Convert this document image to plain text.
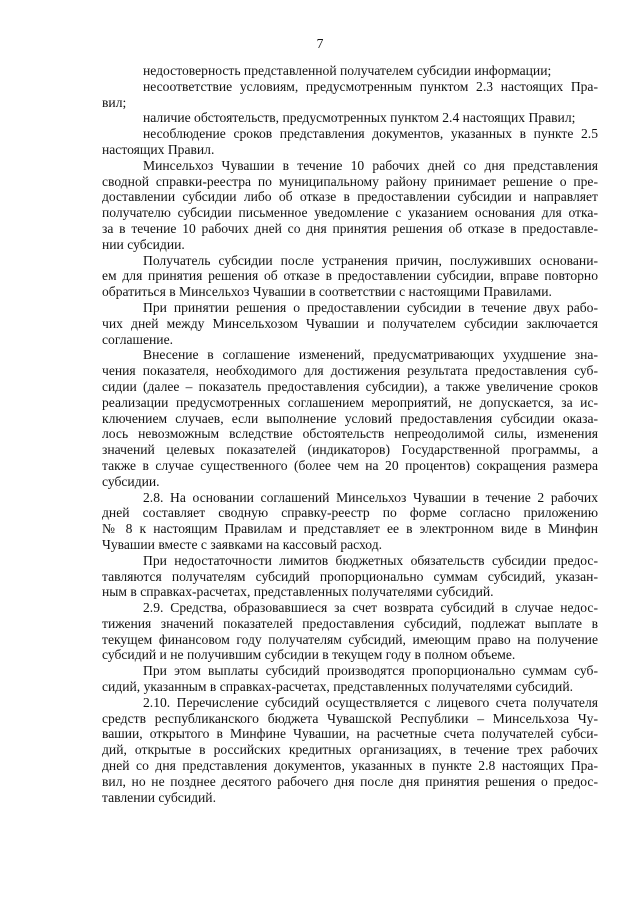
7

недостоверность представленной получателем субсидии информации;

несоответствие условиям, предусмотренным пунктом 2.3 настоящих Пра-
вил;

наличие обстоятельств, предусмотренных пунктом 2.4 настоящих Правил;

несоблюдение сроков представления документов, указанных в пункте 2.5
настоящих Правил.

Минсельхоз Чувашии в течение 10 рабочих дней со дня представления
сводной справки-реестра по муниципальному району принимает решение о пре-
доставлении субсидии либо об отказе в предоставлении субсидии и направляет
получателю субсидии письменное уведомление с указанием основания для отка-
за в течение 10 рабочих дней со дня принятия решения об отказе в предоставле-
нии субсидии.

Получатель субсидии после устранения причин, послуживших основани-
ем для принятия решения об отказе в предоставлении субсидии, вправе повторно
обратиться в Минсельхоз Чувашии в соответствии с настоящими Правилами.

При принятии решения о предоставлении субсидии в течение двух рабо-
чих дней между Минсельхозом Чувашии и получателем субсидии заключается
соглашение.

Внесение в соглашение изменений, предусматривающих ухудшение зна-
чения показателя, необходимого для достижения результата предоставления суб-
сидии (далее – показатель предоставления субсидии), а также увеличение сроков
реализации предусмотренных соглашением мероприятий, не допускается, за ис-
ключением случаев, если выполнение условий предоставления субсидии оказа-
лось невозможным вследствие обстоятельств непреодолимой силы, изменения
значений целевых показателей (индикаторов) Государственной программы, а
также в случае существенного (более чем на 20 процентов) сокращения размера
субсидии.

2.8. На основании соглашений Минсельхоз Чувашии в течение 2 рабочих
дней составляет сводную справку-реестр по форме согласно приложению
№ 8 к настоящим Правилам и представляет ее в электронном виде в Минфин
Чувашии вместе с заявками на кассовый расход.

При недостаточности лимитов бюджетных обязательств субсидии предос-
тавляются получателям субсидий пропорционально суммам субсидий, указан-
ным в справках-расчетах, представленных получателями субсидий.

2.9. Средства, образовавшиеся за счет возврата субсидий в случае недос-
тижения значений показателей предоставления субсидий, подлежат выплате в
текущем финансовом году получателям субсидий, имеющим право на получение
субсидий и не получившим субсидии в текущем году в полном объеме.

При этом выплаты субсидий производятся пропорционально суммам суб-
сидий, указанным в справках-расчетах, представленных получателями субсидий.

2.10. Перечисление субсидий осуществляется с лицевого счета получателя
средств республиканского бюджета Чувашской Республики – Минсельхоза Чу-
вашии, открытого в Минфине Чувашии, на расчетные счета получателей субси-
дий, открытые в российских кредитных организациях, в течение трех рабочих
дней со дня представления документов, указанных в пункте 2.8 настоящих Пра-
вил, но не позднее десятого рабочего дня после дня принятия решения о предос-
тавлении субсидий.
